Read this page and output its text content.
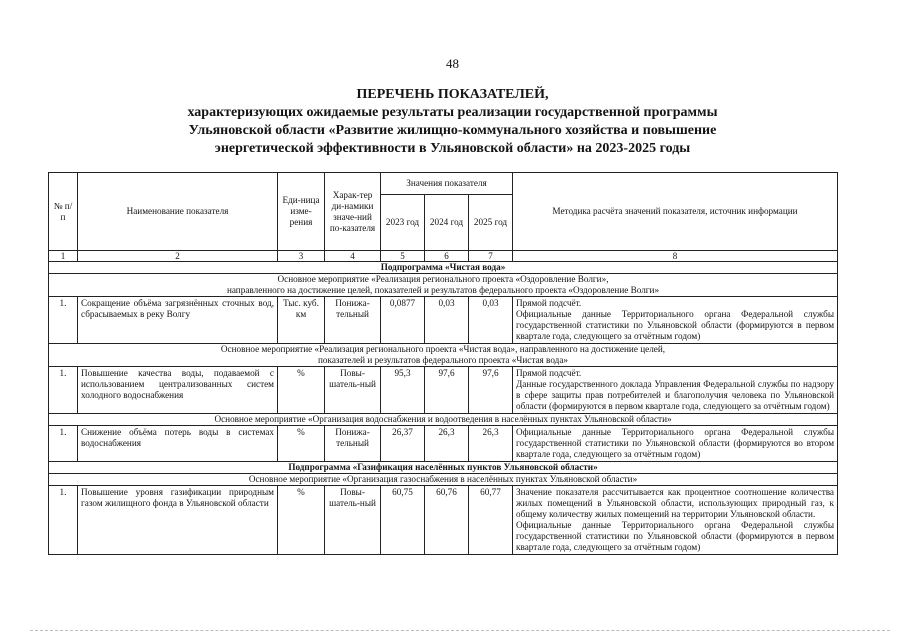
48
ПЕРЕЧЕНЬ ПОКАЗАТЕЛЕЙ,
характеризующих ожидаемые результаты реализации государственной программы
Ульяновской области «Развитие жилищно-коммунального хозяйства и повышение
энергетической эффективности в Ульяновской области» на 2023-2025 годы
№ п/п	Наименование показателя	Еди-ница изме-рения	Харак-тер ди-намики значе-ний по-казателя	Значения показателя			Методика расчёта значений показателя, источник информации
				2023 год	2024 год	2025 год	
1	2	3	4	5	6	7	8
Подпрограмма «Чистая вода»							

Основное мероприятие «Реализация регионального проекта «Оздоровление Волги»,
направленного на достижение целей, показателей и результатов федерального проекта «Оздоровление Волги»							

1.	Сокращение объёма загрязнённых сточных вод, сбрасываемых в реку Волгу	Тыс. куб. км	Понижа-тельный	0,0877	0,03	0,03	Прямой подсчёт.
Официальные данные Территориального органа Федеральной службы государственной статистики по Ульяновской области (формируются в первом квартале года, следующего за отчётным годом)

Основное мероприятие «Реализация регионального проекта «Чистая вода», направленного на достижение целей,
показателей и результатов федерального проекта «Чистая вода»							

1.	Повышение качества воды, подаваемой с использованием централизованных систем холодного водоснабжения	%	Повы-шатель-ный	95,3	97,6	97,6	Прямой подсчёт.
Данные государственного доклада Управления Федеральной службы по надзору в сфере защиты прав потребителей и благополучия человека по Ульяновской области (формируются в первом квартале года, следующего за отчётным годом)

Основное мероприятие «Организация водоснабжения и водоотведения в населённых пунктах Ульяновской области»							
1.	Снижение объёма потерь воды в системах водоснабжения	%	Понижа-тельный	26,37	26,3	26,3	Официальные данные Территориального органа Федеральной службы государственной статистики по Ульяновской области (формируются во втором квартале года, следующего за отчётным годом)

Подпрограмма «Газификация населённых пунктов Ульяновской области»							
Основное мероприятие «Организация газоснабжения в населённых пунктах Ульяновской области»							
1.	Повышение уровня газификации природным газом жилищного фонда в Ульяновской области	%	Повы-шатель-ный	60,75	60,76	60,77	Значение показателя рассчитывается как процентное соотношение количества жилых помещений в Ульяновской области, использующих природный газ, к общему количеству жилых помещений на территории Ульяновской области.
Официальные данные Территориального органа Федеральной службы государственной статистики по Ульяновской области (формируются в первом квартале года, следующего за отчётным годом)
